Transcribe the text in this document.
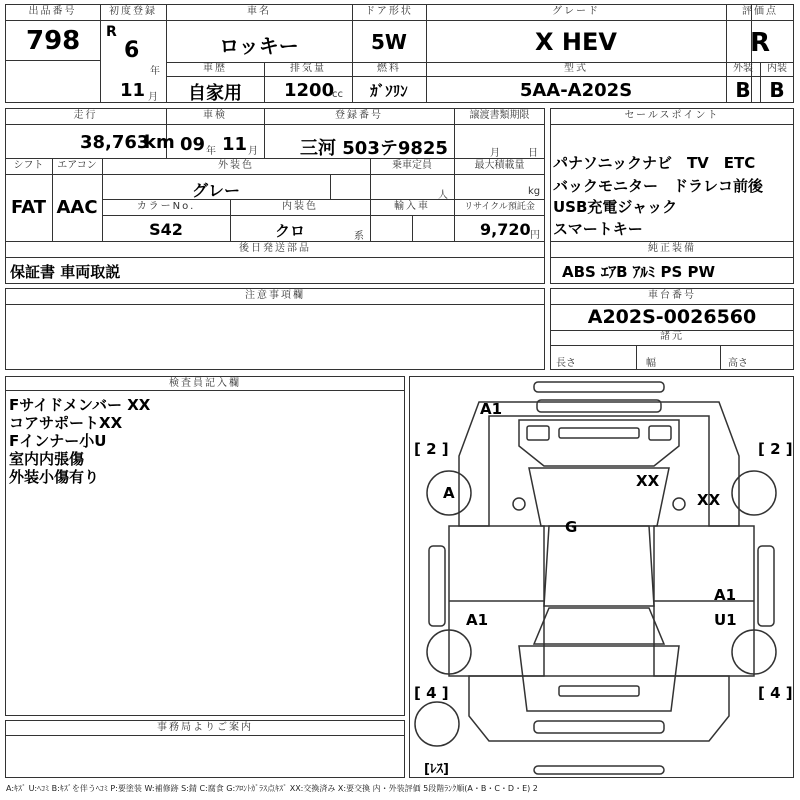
出品番号
798
初度登録
R
6
年
11 月
車名
ロッキー
ドア形状
5W
グレード
X HEV
評価点
R
車歴
自家用
排気量
1200
cc
燃料
ｶﾞｿﾘﾝ
型式
5AA-A202S
外装
B
内装
B
走行
38,763
km
車検
09 年 11 月
登録番号
三河 503テ9825
譲渡書類期限
月	日
シフト
FAT
エアコン
AAC
外装色
グレー
乗車定員
人
最大積載量
kg
カラーNo.
S42
内装色
クロ	系
輸入車	リサイクル預託金
9,720 円
後日発送部品
保証書 車両取説
セールスポイント
パナソニックナビ　TV　ETC
バックモニター　ドラレコ前後
USB充電ジャック
スマートキー
純正装備
ABS ｴｱB ｱﾙﾐ PS PW
注意事項欄	車台番号
A202S-0026560
諸元
長さ	幅	高さ
検査員記入欄
Fサイドメンバー XX
コアサポートXX
Fインナー小U
室内内張傷
外装小傷有り
事務局よりご案内
[ 2 ]	[ 2 ]
[ 4 ]	[ 4 ]
A1
A
XX
XX
G
A1
A1
U1
[ﾚｽ]
A:ｷｽﾞ U:ﾍｺﾐ B:ｷｽﾞを伴うﾍｺﾐ P:要塗装 W:補修跡 S:錆 C:腐食 G:ﾌﾛﾝﾄｶﾞﾗｽ点ｷｽﾞ XX:交換済み X:要交換 内・外装評価 5段階ﾗﾝｸ順(A・B・C・D・E) 2
